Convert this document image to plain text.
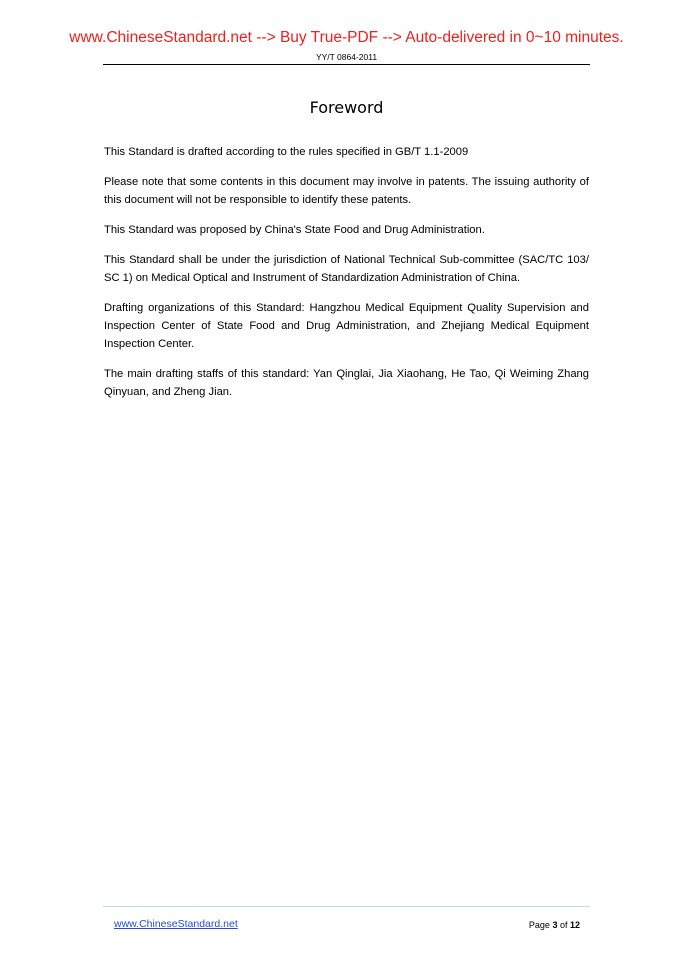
www.ChineseStandard.net --> Buy True-PDF --> Auto-delivered in 0~10 minutes.
YY/T 0864-2011
Foreword

This Standard is drafted according to the rules specified in GB/T 1.1-2009

Please note that some contents in this document may involve in patents. The issuing authority of this document will not be responsible to identify these patents.

This Standard was proposed by China's State Food and Drug Administration.

This Standard shall be under the jurisdiction of National Technical Sub-committee (SAC/TC 103/ SC 1) on Medical Optical and Instrument of Standardization Administration of China.

Drafting organizations of this Standard: Hangzhou Medical Equipment Quality Supervision and Inspection Center of State Food and Drug Administration, and Zhejiang Medical Equipment Inspection Center.

The main drafting staffs of this standard: Yan Qinglai, Jia Xiaohang, He Tao, Qi Weiming Zhang Qinyuan, and Zheng Jian.

www.ChineseStandard.net	Page 3 of 12
